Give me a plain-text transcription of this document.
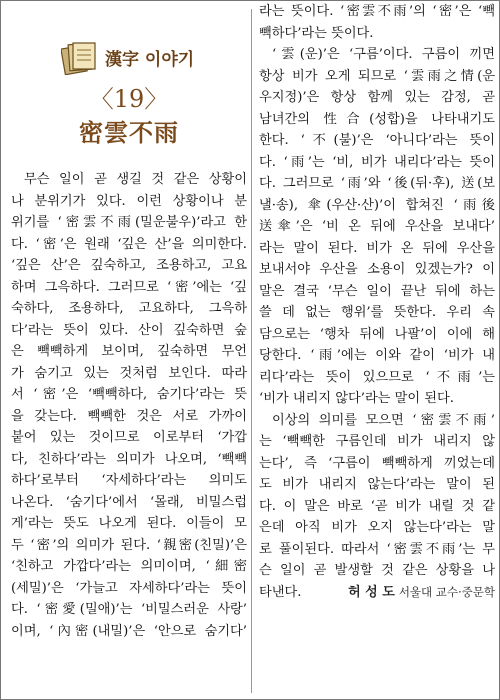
漢字 이야기
〈19〉
密雲不雨
무슨 일이 곧 생길 것 같은 상황이
나 분위기가 있다. 이런 상황이나 분
위기를 ‘密雲不雨(밀운불우)’라고 한
다. ‘密’은 원래 ‘깊은 산’을 의미한다.
‘깊은 산’은 깊숙하고, 조용하고, 고요
하며 그윽하다. 그러므로 ‘密’에는 ‘깊
숙하다, 조용하다, 고요하다, 그윽하
다’라는 뜻이 있다. 산이 깊숙하면 숲
은 빽빽하게 보이며, 깊숙하면 무언
가 숨기고 있는 것처럼 보인다. 따라
서 ‘密’은 ‘빽빽하다, 숨기다’라는 뜻
을 갖는다. 빽빽한 것은 서로 가까이
붙어 있는 것이므로 이로부터 ‘가깝
다, 친하다’라는 의미가 나오며, ‘빽빽
하다’로부터 ‘자세하다’라는 의미도
나온다. ‘숨기다’에서 ‘몰래, 비밀스럽
게’라는 뜻도 나오게 된다. 이들이 모
두 ‘密’의 의미가 된다. ‘親密(친밀)’은
‘친하고 가깝다’라는 의미이며, ‘細密
(세밀)’은 ‘가늘고 자세하다’라는 뜻이
다. ‘密愛(밀애)’는 ‘비밀스러운 사랑’
이며, ‘內密(내밀)’은 ‘안으로 숨기다’
라는 뜻이다. ‘密雲不雨’의 ‘密’은 ‘빽
빽하다’라는 뜻이다.
‘雲(운)’은 ‘구름’이다. 구름이 끼면
항상 비가 오게 되므로 ‘雲雨之情(운
우지정)’은 항상 함께 있는 감정, 곧
남녀간의 性合(성합)을 나타내기도
한다. ‘不(불)’은 ‘아니다’라는 뜻이
다. ‘雨’는 ‘비, 비가 내리다’라는 뜻이
다. 그러므로 ‘雨’와 ‘後(뒤·후), 送(보
낼·송), 傘(우산·산)’이 합쳐진 ‘雨後
送傘’은 ‘비 온 뒤에 우산을 보내다’
라는 말이 된다. 비가 온 뒤에 우산을
보내서야 우산을 소용이 있겠는가? 이
말은 결국 ‘무슨 일이 끝난 뒤에 하는
쓸 데 없는 행위’를 뜻한다. 우리 속
담으로는 ‘행차 뒤에 나팔’이 이에 해
당한다. ‘雨’에는 이와 같이 ‘비가 내
리다’라는 뜻이 있으므로 ‘不雨’는
‘비가 내리지 않다’라는 말이 된다.
이상의 의미를 모으면 ‘密雲不雨’
는 ‘빽빽한 구름인데 비가 내리지 않
는다’, 즉 ‘구름이 빽빽하게 끼었는데
도 비가 내리지 않는다’라는 말이 된
다. 이 말은 바로 ‘곧 비가 내릴 것 같
은데 아직 비가 오지 않는다’라는 말
로 풀이된다. 따라서 ‘密雲不雨’는 무
슨 일이 곧 발생할 것 같은 상황을 나
타낸다.	허 성 도 서울대 교수·중문학
